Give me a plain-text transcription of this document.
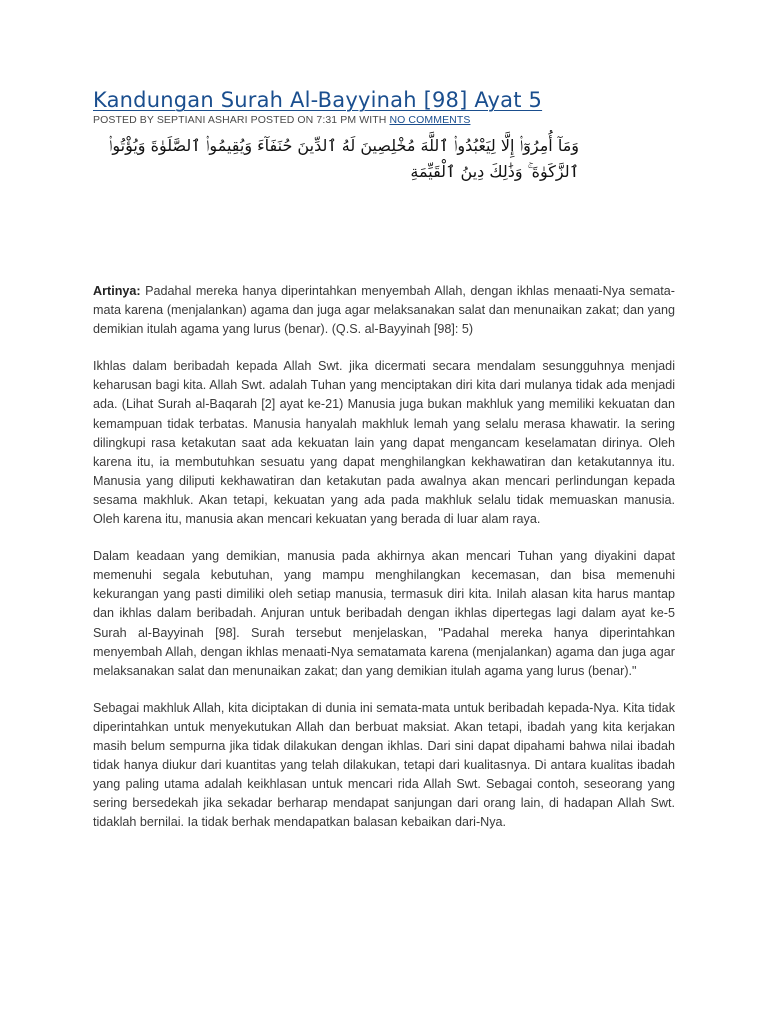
Kandungan Surah Al-Bayyinah [98] Ayat 5
POSTED BY SEPTIANI ASHARI POSTED ON 7:31 PM WITH NO COMMENTS
وَمَآ أُمِرُوٓا۟ إِلَّا لِيَعْبُدُوا۟ ٱللَّهَ مُخْلِصِينَ لَهُ ٱلدِّينَ حُنَفَآءَ وَيُقِيمُوا۟ ٱلصَّلَوٰةَ وَيُؤْتُوا۟ ٱلزَّكَوٰةَ ۚ وَذَٰلِكَ دِينُ ٱلْقَيِّمَةِ

Artinya: Padahal mereka hanya diperintahkan menyembah Allah, dengan ikhlas menaati-Nya semata-mata karena (menjalankan) agama dan juga agar melaksanakan salat dan menunaikan zakat; dan yang demikian itulah agama yang lurus (benar). (Q.S. al-Bayyinah [98]: 5)

Ikhlas dalam beribadah kepada Allah Swt. jika dicermati secara mendalam sesungguhnya menjadi keharusan bagi kita. Allah Swt. adalah Tuhan yang menciptakan diri kita dari mulanya tidak ada menjadi ada. (Lihat Surah al-Baqarah [2] ayat ke-21) Manusia juga bukan makhluk yang memiliki kekuatan dan kemampuan tidak terbatas. Manusia hanyalah makhluk lemah yang selalu merasa khawatir. Ia sering dilingkupi rasa ketakutan saat ada kekuatan lain yang dapat mengancam keselamatan dirinya. Oleh karena itu, ia membutuhkan sesuatu yang dapat menghilangkan kekhawatiran dan ketakutannya itu. Manusia yang diliputi kekhawatiran dan ketakutan pada awalnya akan mencari perlindungan kepada sesama makhluk. Akan tetapi, kekuatan yang ada pada makhluk selalu tidak memuaskan manusia. Oleh karena itu, manusia akan mencari kekuatan yang berada di luar alam raya.

Dalam keadaan yang demikian, manusia pada akhirnya akan mencari Tuhan yang diyakini dapat memenuhi segala kebutuhan, yang mampu menghilangkan kecemasan, dan bisa memenuhi kekurangan yang pasti dimiliki oleh setiap manusia, termasuk diri kita. Inilah alasan kita harus mantap dan ikhlas dalam beribadah. Anjuran untuk beribadah dengan ikhlas dipertegas lagi dalam ayat ke-5 Surah al-Bayyinah [98]. Surah tersebut menjelaskan, "Padahal mereka hanya diperintahkan menyembah Allah, dengan ikhlas menaati-Nya sematamata karena (menjalankan) agama dan juga agar melaksanakan salat dan menunaikan zakat; dan yang demikian itulah agama yang lurus (benar)."

Sebagai makhluk Allah, kita diciptakan di dunia ini semata-mata untuk beribadah kepada-Nya. Kita tidak diperintahkan untuk menyekutukan Allah dan berbuat maksiat. Akan tetapi, ibadah yang kita kerjakan masih belum sempurna jika tidak dilakukan dengan ikhlas. Dari sini dapat dipahami bahwa nilai ibadah tidak hanya diukur dari kuantitas yang telah dilakukan, tetapi dari kualitasnya. Di antara kualitas ibadah yang paling utama adalah keikhlasan untuk mencari rida Allah Swt. Sebagai contoh, seseorang yang sering bersedekah jika sekadar berharap mendapat sanjungan dari orang lain, di hadapan Allah Swt. tidaklah bernilai. Ia tidak berhak mendapatkan balasan kebaikan dari-Nya.
